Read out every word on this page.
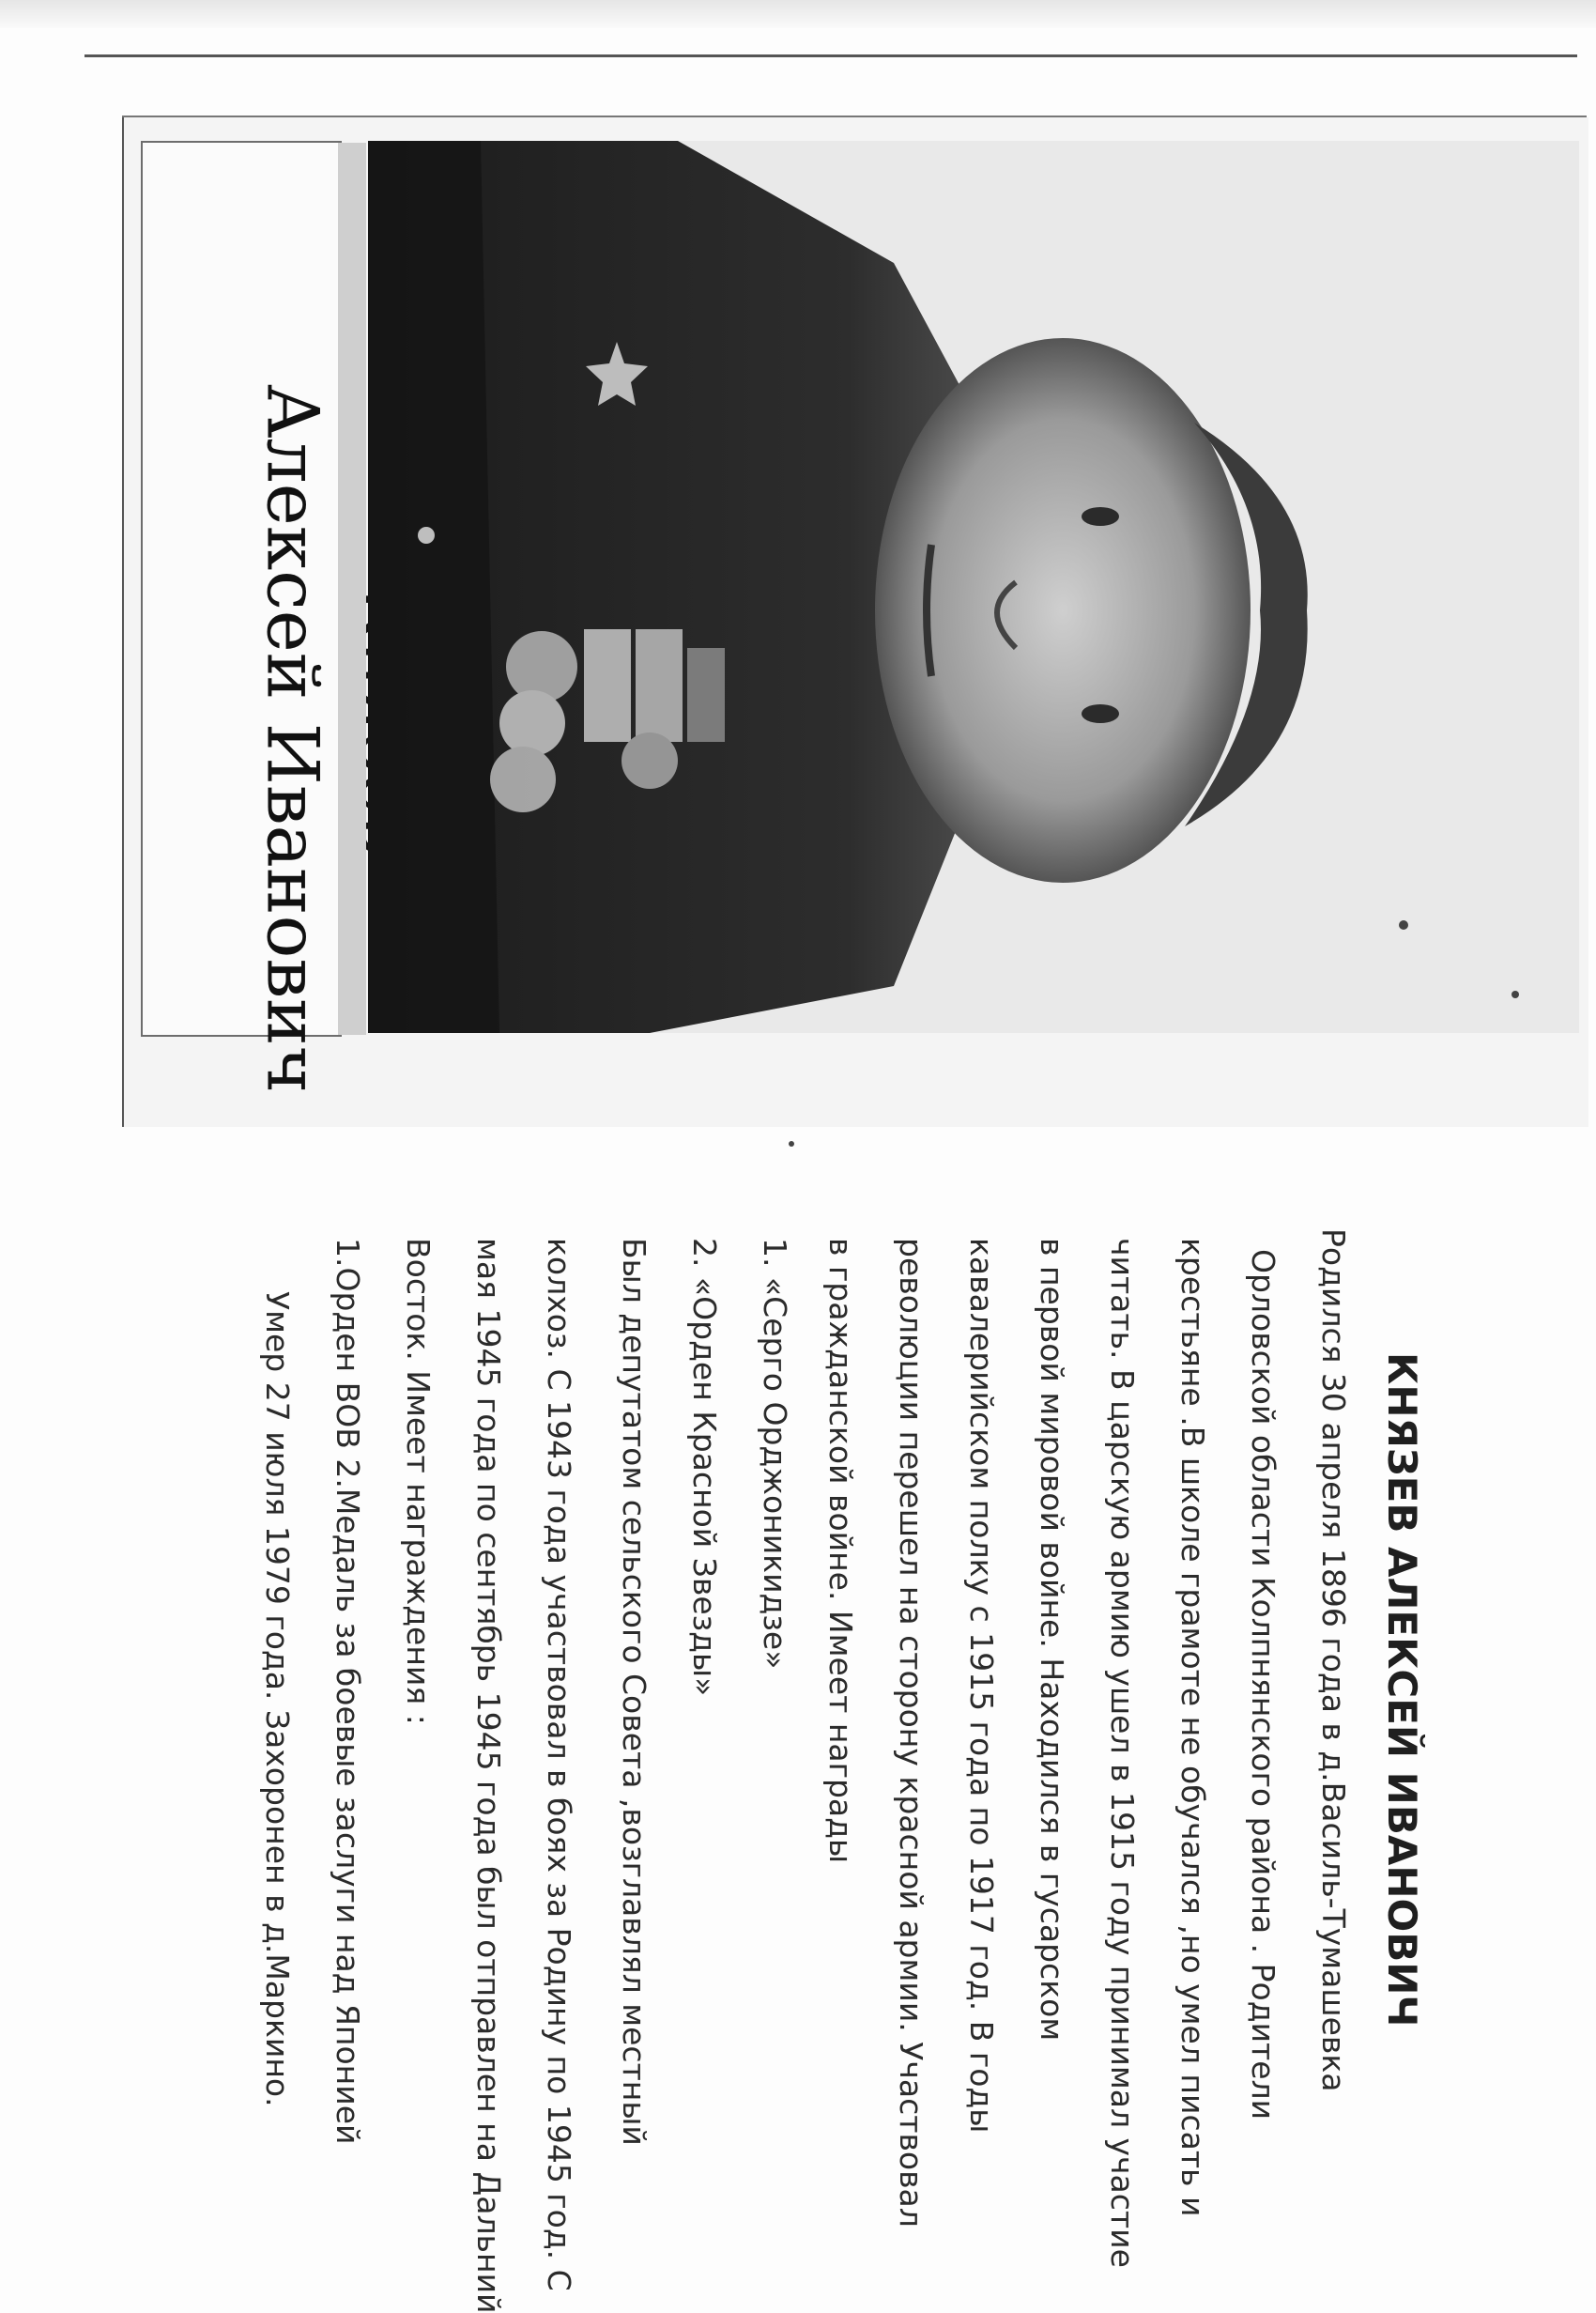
Алексей Иванович
КНЯЗЕВ АЛЕКСЕЙ ИВАНОВИЧ
Родился 30 апреля 1896 года в д.Василь-Тумашевка
Орловской области Колпнянского района . Родители
крестьяне .В школе грамоте не обучался ,но умел писать и
читать. В царскую армию ушел в 1915 году принимал участие
в первой мировой войне. Находился в гусарском
кавалерийском полку с 1915 года по 1917 год. В годы
революции перешел на сторону красной армии. Участвовал
в гражданской войне. Имеет награды
1. «Серго Орджоникидзе»
2. «Орден Красной Звезды»
Был депутатом сельского Совета ,возглавлял местный
колхоз. С 1943 года участвовал в боях за Родину по 1945 год. С
мая 1945 года по сентябрь 1945 года был отправлен на Дальний
Восток. Имеет награждения :
1.Орден ВОВ 2.Медаль за боевые заслуги над Японией
Умер 27 июля 1979 года. Захоронен в д.Маркино.
